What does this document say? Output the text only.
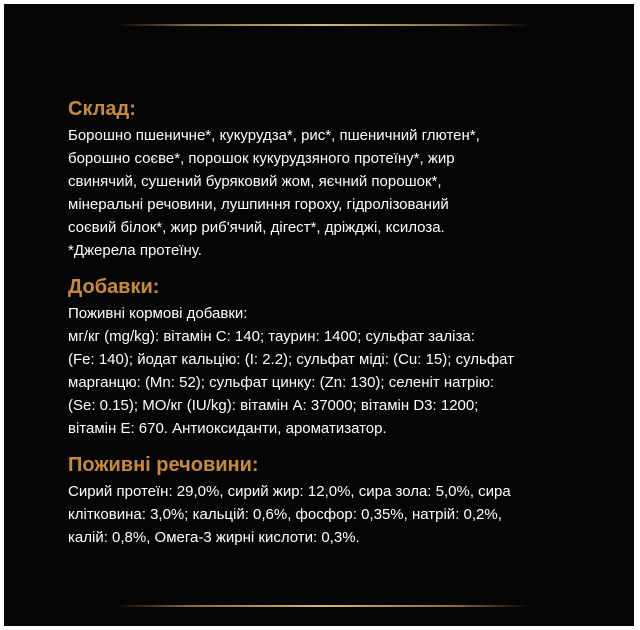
Склад:

Борошно пшеничне*, кукурудза*, рис*, пшеничний глютен*,
борошно соєве*, порошок кукурудзяного протеїну*, жир
свинячий, сушений буряковий жом, яєчний порошок*,
мінеральні речовини, лушпиння гороху, гідролізований
соєвий білок*, жир риб'ячий, дігест*, дріжджі, ксилоза.
*Джерела протеїну.

Добавки:

Поживні кормові добавки:
мг/кг (mg/kg): вітамін С: 140; таурин: 1400; сульфат заліза:
(Fe: 140); йодат кальцію: (І: 2.2); сульфат міді: (Cu: 15); сульфат
марганцю: (Mn: 52); сульфат цинку: (Zn: 130); селеніт натрію:
(Se: 0.15); МО/кг (IU/kg): вітамін А: 37000; вітамін D3: 1200;
вітамін Е: 670. Антиоксиданти, ароматизатор.

Поживні речовини:

Сирий протеїн: 29,0%, сирий жир: 12,0%, сира зола: 5,0%, сира
клітковина: 3,0%; кальцій: 0,6%, фосфор: 0,35%, натрій: 0,2%,
калій: 0,8%, Омега-3 жирні кислоти: 0,3%.
